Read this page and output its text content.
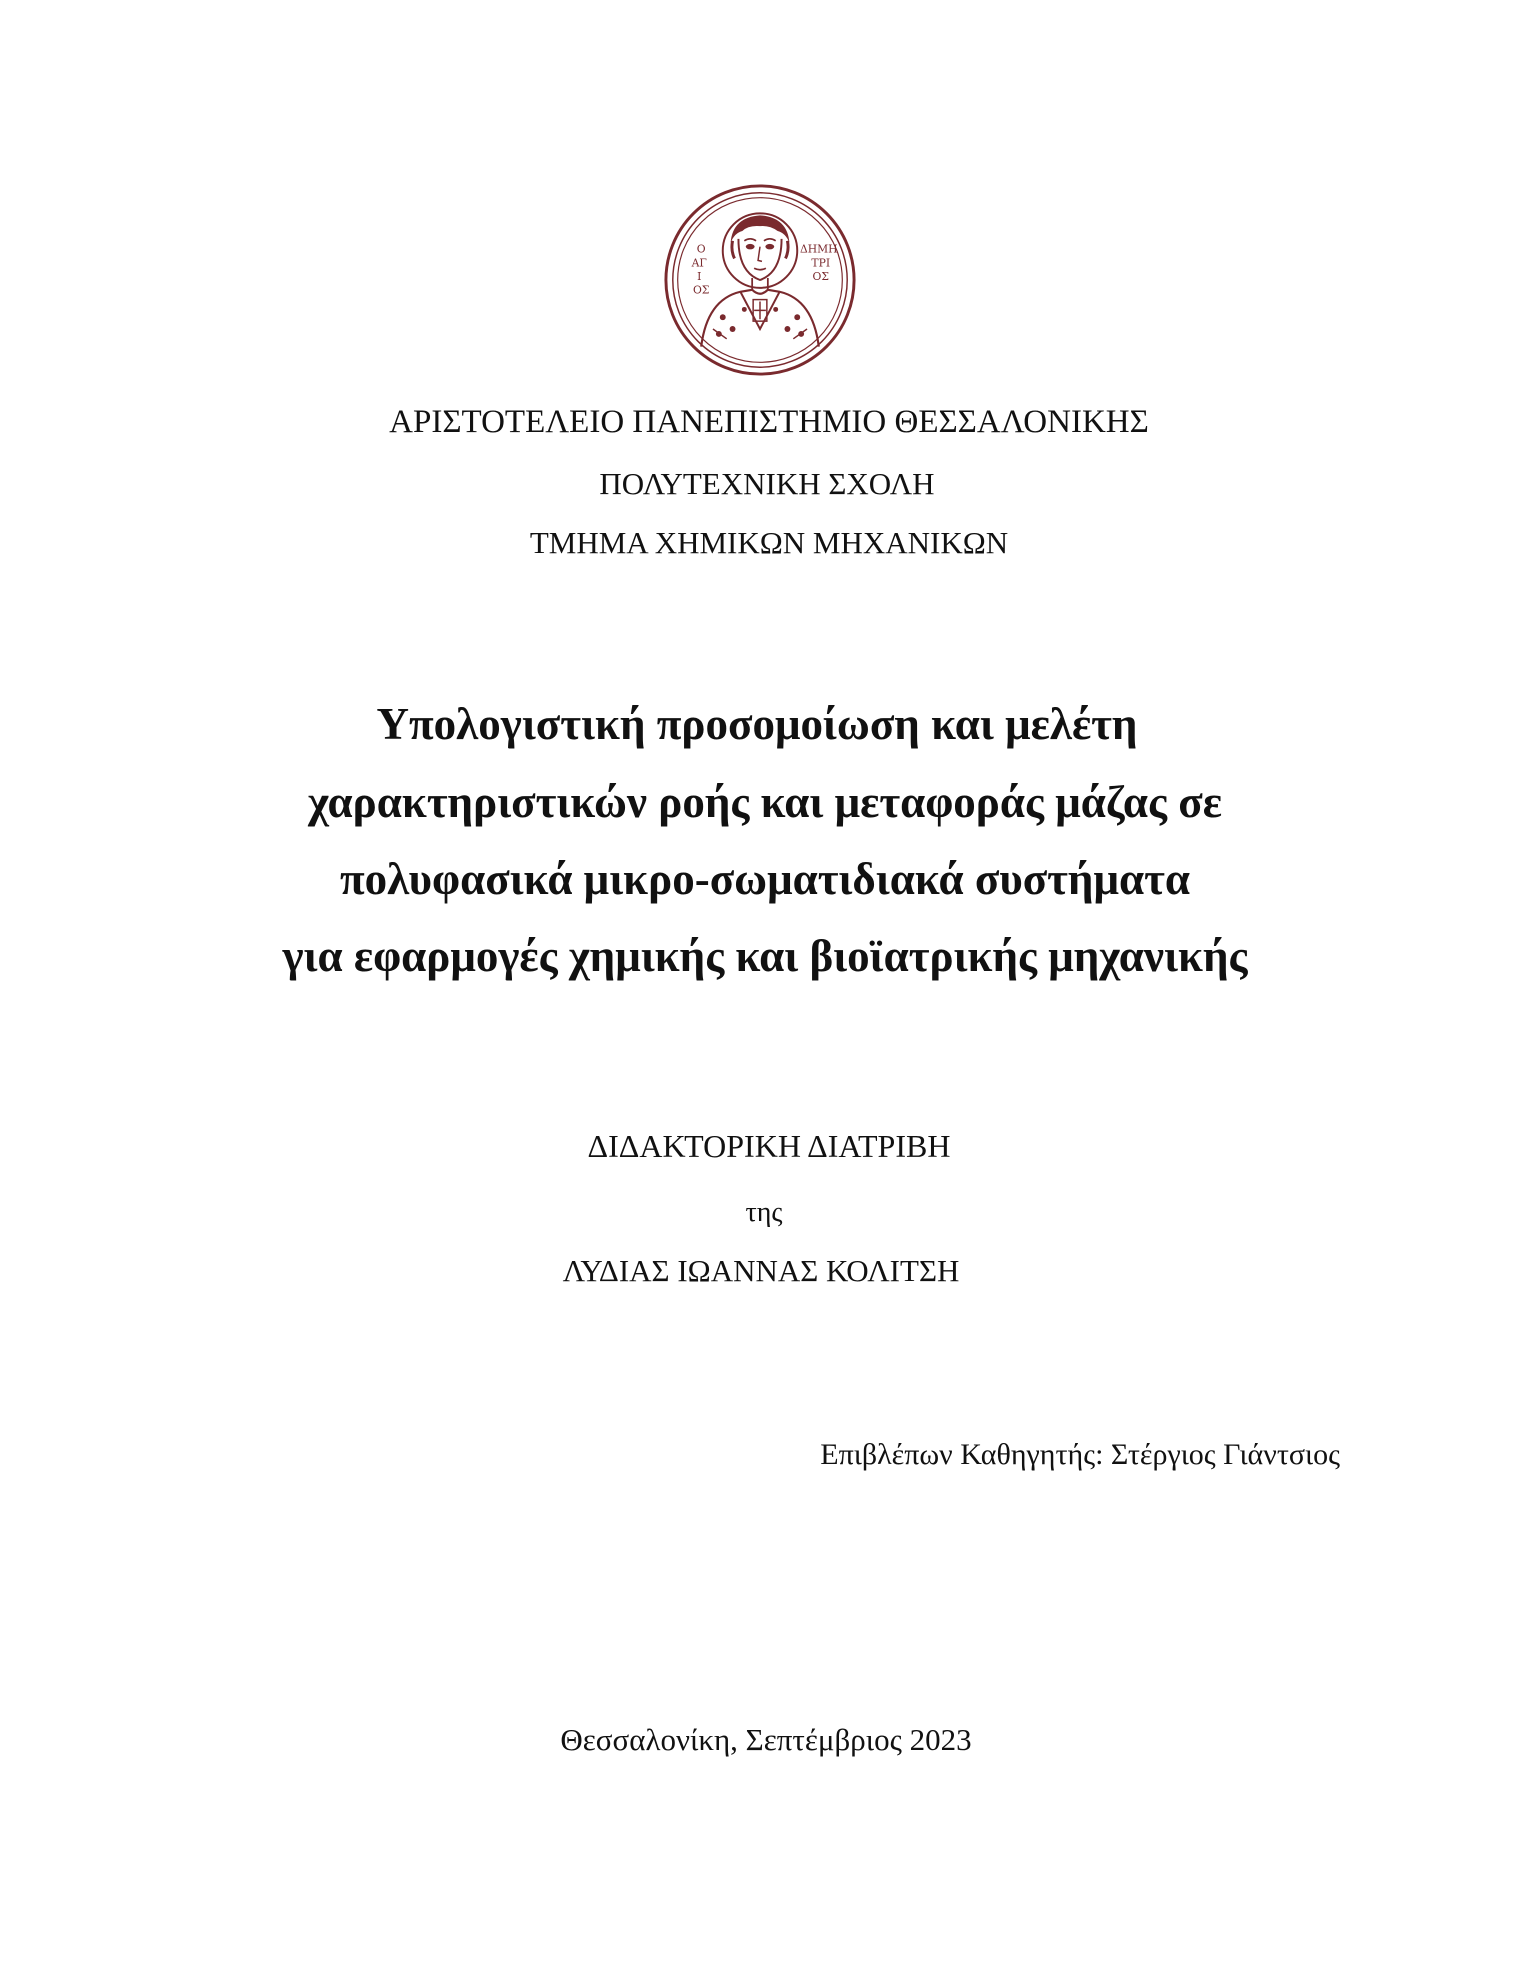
Ο
ΑΓ
Ι
ΟΣ
ΔΗΜΗ
ΤΡΙ
ΟΣ
ΑΡΙΣΤΟΤΕΛΕΙΟ ΠΑΝΕΠΙΣΤΗΜΙΟ ΘΕΣΣΑΛΟΝΙΚΗΣ
ΠΟΛΥΤΕΧΝΙΚΗ ΣΧΟΛΗ
ΤΜΗΜΑ ΧΗΜΙΚΩΝ ΜΗΧΑΝΙΚΩΝ
Υπολογιστική προσομοίωση και μελέτη
χαρακτηριστικών ροής και μεταφοράς μάζας σε
πολυφασικά μικρο-σωματιδιακά συστήματα
για εφαρμογές χημικής και βιοϊατρικής μηχανικής
ΔΙΔΑΚΤΟΡΙΚΗ ΔΙΑΤΡΙΒΗ
της
ΛΥΔΙΑΣ ΙΩΑΝΝΑΣ ΚΟΛΙΤΣΗ
Επιβλέπων Καθηγητής: Στέργιος Γιάντσιος
Θεσσαλονίκη, Σεπτέμβριος 2023
